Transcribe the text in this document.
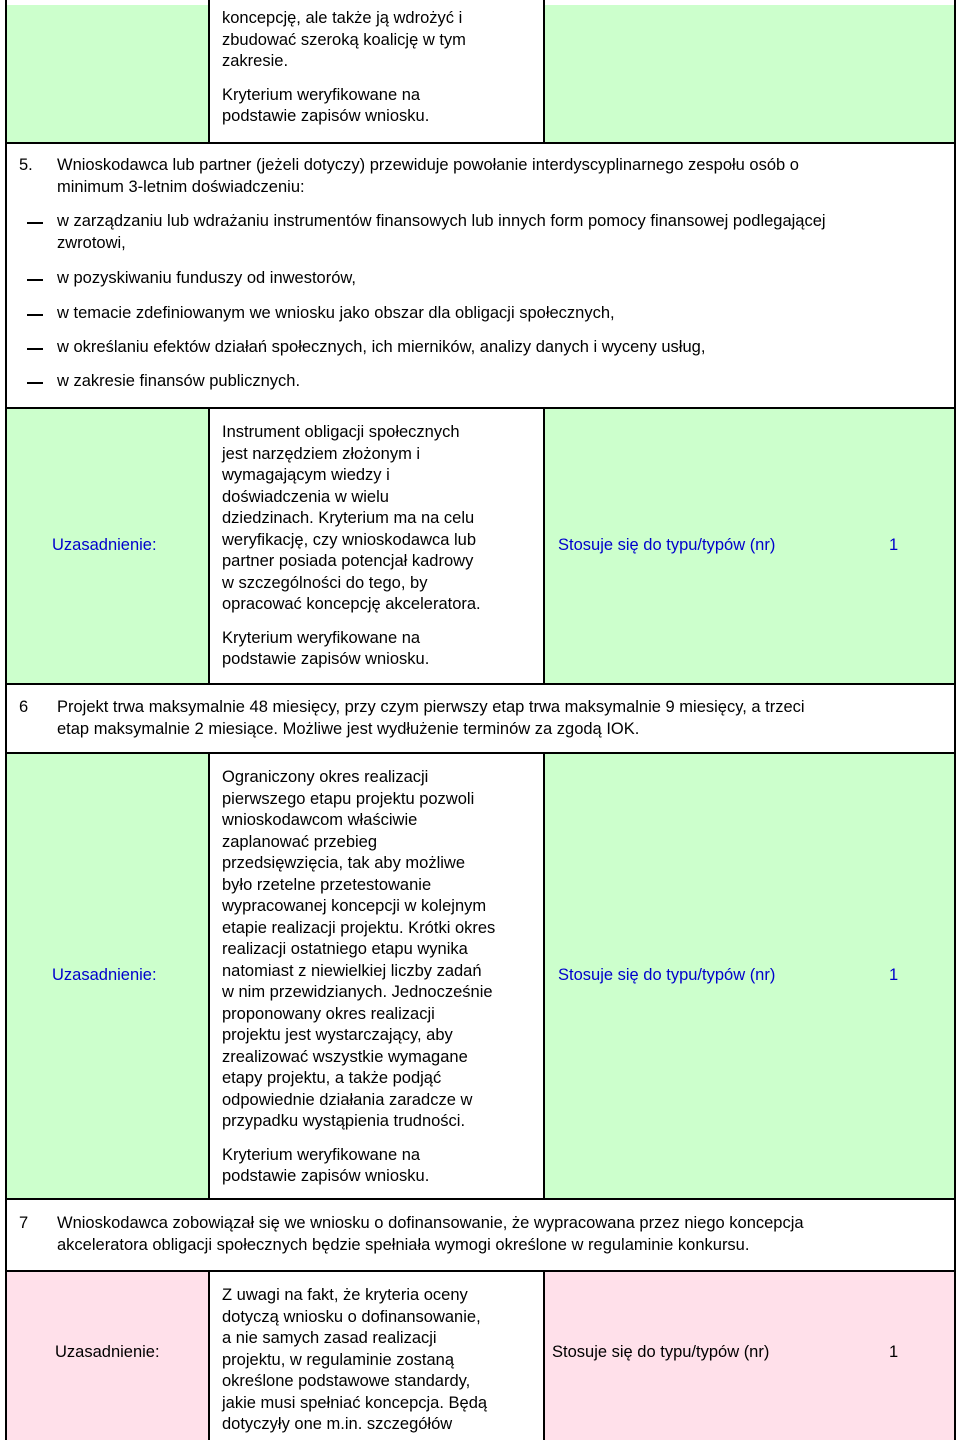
koncepcję, ale także ją wdrożyć i

zbudować szeroką koalicję w tym

zakresie.

Kryterium weryfikowane na

podstawie zapisów wniosku.

5. Wnioskodawca lub partner (jeżeli dotyczy) przewiduje powołanie interdyscyplinarnego zespołu osób o

minimum 3-letnim doświadczeniu:

w zarządzaniu lub wdrażaniu instrumentów finansowych lub innych form pomocy finansowej podlegającej

zwrotowi,

w pozyskiwaniu funduszy od inwestorów,
w temacie zdefiniowanym we wniosku jako obszar dla obligacji społecznych,
w określaniu efektów działań społecznych, ich mierników, analizy danych i wyceny usług,
w zakresie finansów publicznych.
Uzasadnienie:

Instrument obligacji społecznych

jest narzędziem złożonym i

wymagającym wiedzy i

doświadczenia w wielu

dziedzinach. Kryterium ma na celu

weryfikację, czy wnioskodawca lub

partner posiada potencjał kadrowy

w szczególności do tego, by

opracować koncepcję akceleratora.

Kryterium weryfikowane na

podstawie zapisów wniosku.

Stosuje się do typu/typów (nr)	1
6 Projekt trwa maksymalnie 48 miesięcy, przy czym pierwszy etap trwa maksymalnie 9 miesięcy, a trzeci

etap maksymalnie 2 miesiące. Możliwe jest wydłużenie terminów za zgodą IOK.

Uzasadnienie:

Ograniczony okres realizacji

pierwszego etapu projektu pozwoli

wnioskodawcom właściwie

zaplanować przebieg

przedsięwzięcia, tak aby możliwe

było rzetelne przetestowanie

wypracowanej koncepcji w kolejnym

etapie realizacji projektu. Krótki okres

realizacji ostatniego etapu wynika

natomiast z niewielkiej liczby zadań

w nim przewidzianych. Jednocześnie

proponowany okres realizacji

projektu jest wystarczający, aby

zrealizować wszystkie wymagane

etapy projektu, a także podjąć

odpowiednie działania zaradcze w

przypadku wystąpienia trudności.

Kryterium weryfikowane na

podstawie zapisów wniosku.

Stosuje się do typu/typów (nr)	1
7 Wnioskodawca zobowiązał się we wniosku o dofinansowanie, że wypracowana przez niego koncepcja

akceleratora obligacji społecznych będzie spełniała wymogi określone w regulaminie konkursu.

Uzasadnienie:

Z uwagi na fakt, że kryteria oceny

dotyczą wniosku o dofinansowanie,

a nie samych zasad realizacji

projektu, w regulaminie zostaną

określone podstawowe standardy,

jakie musi spełniać koncepcja. Będą

dotyczyły one m.in. szczegółów

Stosuje się do typu/typów (nr)	1
